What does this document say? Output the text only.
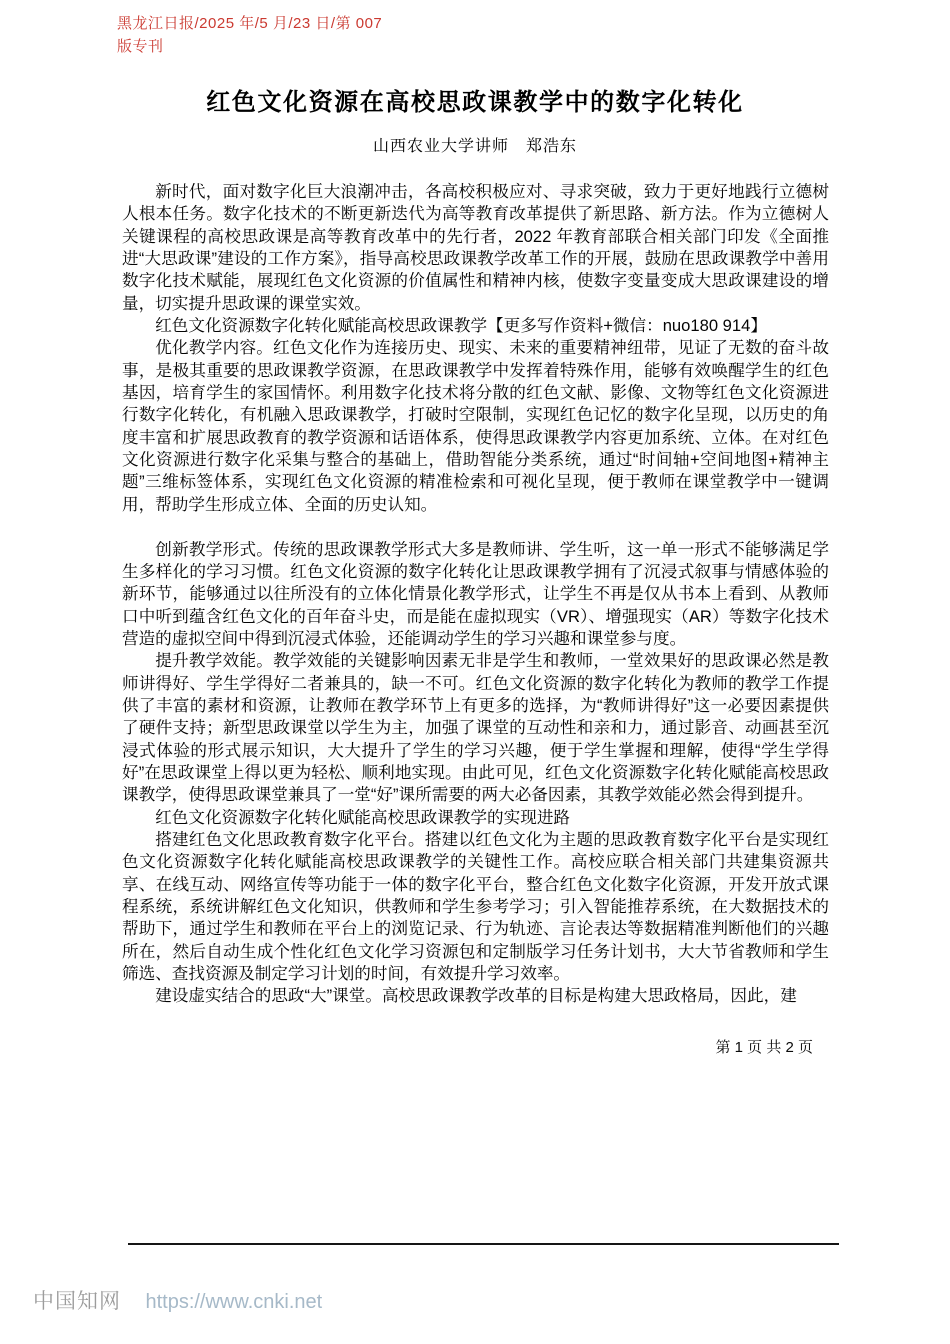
黑龙江日报/2025 年/5 月/23 日/第 007
版专刊
红色文化资源在高校思政课教学中的数字化转化
山西农业大学讲师　郑浩东

新时代，面对数字化巨大浪潮冲击，各高校积极应对、寻求突破，致力于更好地践行立德树人根本任务。数字化技术的不断更新迭代为高等教育改革提供了新思路、新方法。作为立德树人关键课程的高校思政课是高等教育改革中的先行者，2022 年教育部联合相关部门印发《全面推进“大思政课”建设的工作方案》，指导高校思政课教学改革工作的开展，鼓励在思政课教学中善用数字化技术赋能，展现红色文化资源的价值属性和精神内核，使数字变量变成大思政课建设的增量，切实提升思政课的课堂实效。

红色文化资源数字化转化赋能高校思政课教学【更多写作资料+微信：nuo180 914】

优化教学内容。红色文化作为连接历史、现实、未来的重要精神纽带，见证了无数的奋斗故事，是极其重要的思政课教学资源，在思政课教学中发挥着特殊作用，能够有效唤醒学生的红色基因，培育学生的家国情怀。利用数字化技术将分散的红色文献、影像、文物等红色文化资源进行数字化转化，有机融入思政课教学，打破时空限制，实现红色记忆的数字化呈现，以历史的角度丰富和扩展思政教育的教学资源和话语体系，使得思政课教学内容更加系统、立体。在对红色文化资源进行数字化采集与整合的基础上，借助智能分类系统，通过“时间轴+空间地图+精神主题”三维标签体系，实现红色文化资源的精准检索和可视化呈现，便于教师在课堂教学中一键调用，帮助学生形成立体、全面的历史认知。

创新教学形式。传统的思政课教学形式大多是教师讲、学生听，这一单一形式不能够满足学生多样化的学习习惯。红色文化资源的数字化转化让思政课教学拥有了沉浸式叙事与情感体验的新环节，能够通过以往所没有的立体化情景化教学形式，让学生不再是仅从书本上看到、从教师口中听到蕴含红色文化的百年奋斗史，而是能在虚拟现实（VR）、增强现实（AR）等数字化技术营造的虚拟空间中得到沉浸式体验，还能调动学生的学习兴趣和课堂参与度。

提升教学效能。教学效能的关键影响因素无非是学生和教师，一堂效果好的思政课必然是教师讲得好、学生学得好二者兼具的，缺一不可。红色文化资源的数字化转化为教师的教学工作提供了丰富的素材和资源，让教师在教学环节上有更多的选择，为“教师讲得好”这一必要因素提供了硬件支持；新型思政课堂以学生为主，加强了课堂的互动性和亲和力，通过影音、动画甚至沉浸式体验的形式展示知识，大大提升了学生的学习兴趣，便于学生掌握和理解，使得“学生学得好”在思政课堂上得以更为轻松、顺利地实现。由此可见，红色文化资源数字化转化赋能高校思政课教学，使得思政课堂兼具了一堂“好”课所需要的两大必备因素，其教学效能必然会得到提升。

红色文化资源数字化转化赋能高校思政课教学的实现进路

搭建红色文化思政教育数字化平台。搭建以红色文化为主题的思政教育数字化平台是实现红色文化资源数字化转化赋能高校思政课教学的关键性工作。高校应联合相关部门共建集资源共享、在线互动、网络宣传等功能于一体的数字化平台，整合红色文化数字化资源，开发开放式课程系统，系统讲解红色文化知识，供教师和学生参考学习；引入智能推荐系统，在大数据技术的帮助下，通过学生和教师在平台上的浏览记录、行为轨迹、言论表达等数据精准判断他们的兴趣所在，然后自动生成个性化红色文化学习资源包和定制版学习任务计划书，大大节省教师和学生筛选、查找资源及制定学习计划的时间，有效提升学习效率。

建设虚实结合的思政“大”课堂。高校思政课教学改革的目标是构建大思政格局，因此，建

第 1 页 共 2 页
中国知网 https://www.cnki.net
